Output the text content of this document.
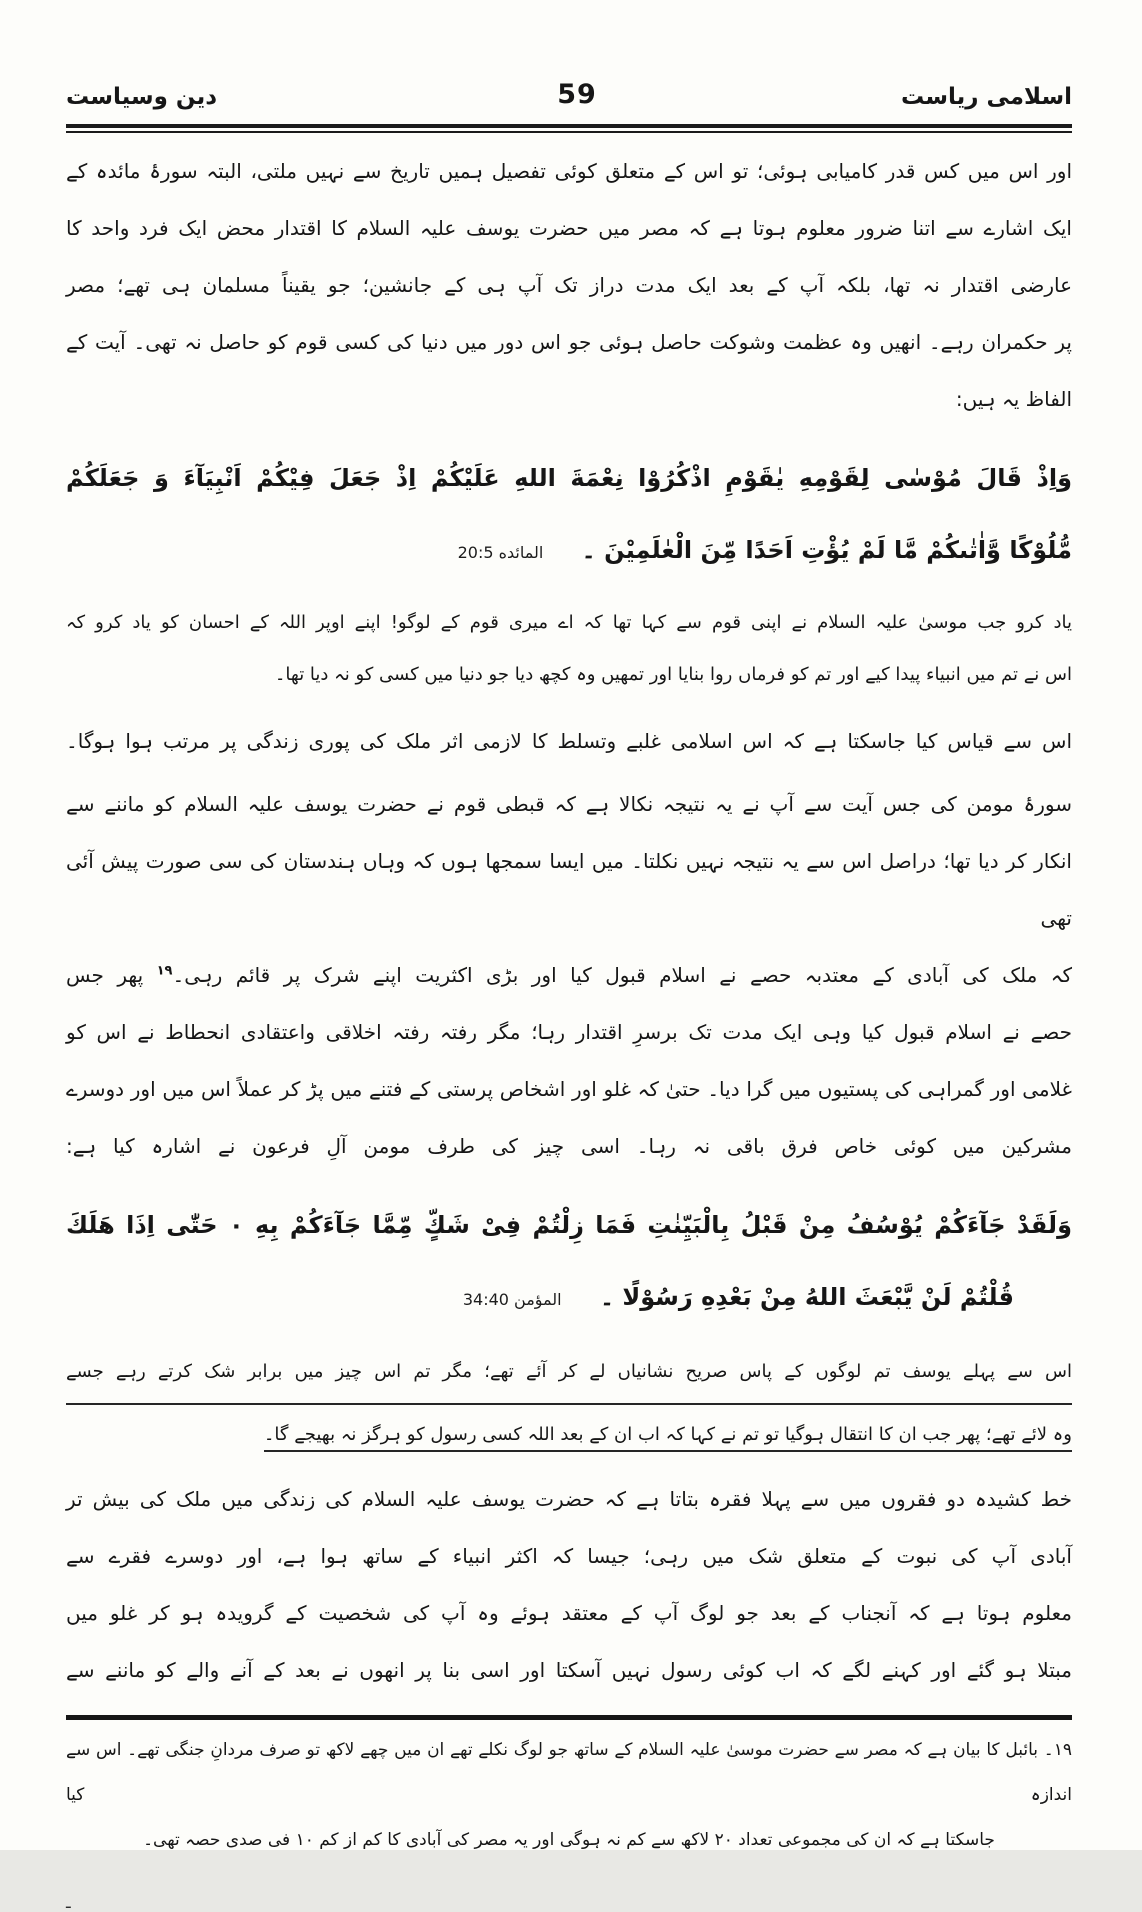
اسلامی ریاست
59
دین وسیاست
اور اس میں کس قدر کامیابی ہوئی؛ تو اس کے متعلق کوئی تفصیل ہمیں تاریخ سے نہیں ملتی، البتہ سورۂ مائدہ کے
ایک اشارے سے اتنا ضرور معلوم ہوتا ہے کہ مصر میں حضرت یوسف علیہ السلام کا اقتدار محض ایک فرد واحد کا
عارضی اقتدار نہ تھا، بلکہ آپ کے بعد ایک مدت دراز تک آپ ہی کے جانشین؛ جو یقیناً مسلمان ہی تھے؛ مصر
پر حکمران رہے۔ انھیں وہ عظمت وشوکت حاصل ہوئی جو اس دور میں دنیا کی کسی قوم کو حاصل نہ تھی۔ آیت کے
الفاظ یہ ہیں:
وَاِذْ قَالَ مُوْسٰی لِقَوْمِهِ یٰقَوْمِ اذْكُرُوْا نِعْمَةَ اللهِ عَلَیْكُمْ اِذْ جَعَلَ فِیْكُمْ اَنْبِیَآءَ وَ جَعَلَكُمْ
مُّلُوْكًا وَّاٰتٰىكُمْ مَّا لَمْ یُؤْتِ اَحَدًا مِّنَ الْعٰلَمِیْنَ ۔ المائده 20:5
یاد کرو جب موسیٰ علیہ السلام نے اپنی قوم سے کہا تھا کہ اے میری قوم کے لوگو! اپنے اوپر اللہ کے احسان کو یاد کرو کہ
اس نے تم میں انبیاء پیدا کیے اور تم کو فرماں روا بنایا اور تمھیں وہ کچھ دیا جو دنیا میں کسی کو نہ دیا تھا۔
اس سے قیاس کیا جاسکتا ہے کہ اس اسلامی غلبے وتسلط کا لازمی اثر ملک کی پوری زندگی پر مرتب ہوا ہوگا۔
سورۂ مومن کی جس آیت سے آپ نے یہ نتیجہ نکالا ہے کہ قبطی قوم نے حضرت یوسف علیہ السلام کو ماننے سے
انکار کر دیا تھا؛ دراصل اس سے یہ نتیجہ نہیں نکلتا۔ میں ایسا سمجھا ہوں کہ وہاں ہندستان کی سی صورت پیش آئی تھی
کہ ملک کی آبادی کے معتدبہ حصے نے اسلام قبول کیا اور بڑی اکثریت اپنے شرک پر قائم رہی۔$^{۱۹}$ پھر جس
حصے نے اسلام قبول کیا وہی ایک مدت تک برسرِ اقتدار رہا؛ مگر رفتہ رفتہ اخلاقی واعتقادی انحطاط نے اس کو
غلامی اور گمراہی کی پستیوں میں گرا دیا۔ حتیٰ کہ غلو اور اشخاص پرستی کے فتنے میں پڑ کر عملاً اس میں اور دوسرے
مشرکین میں کوئی خاص فرق باقی نہ رہا۔ اسی چیز کی طرف مومن آلِ فرعون نے اشارہ کیا ہے:
وَلَقَدْ جَآءَكُمْ یُوْسُفُ مِنْ قَبْلُ بِالْبَیِّنٰتِ فَمَا زِلْتُمْ فِیْ شَكٍّ مِّمَّا جَآءَكُمْ بِهِ ۰ حَتّٰی اِذَا هَلَكَ
قُلْتُمْ لَنْ یَّبْعَثَ اللهُ مِنْ بَعْدِهِ رَسُوْلًا ۔ المؤمن 34:40
اس سے پہلے یوسف تم لوگوں کے پاس صریح نشانیاں لے کر آئے تھے؛ مگر تم اس چیز میں برابر شک کرتے رہے جسے
وہ لائے تھے؛ پھر جب ان کا انتقال ہوگیا تو تم نے کہا کہ اب ان کے بعد اللہ کسی رسول کو ہرگز نہ بھیجے گا۔
خط کشیدہ دو فقروں میں سے پہلا فقرہ بتاتا ہے کہ حضرت یوسف علیہ السلام کی زندگی میں ملک کی بیش تر
آبادی آپ کی نبوت کے متعلق شک میں رہی؛ جیسا کہ اکثر انبیاء کے ساتھ ہوا ہے، اور دوسرے فقرے سے
معلوم ہوتا ہے کہ آنجناب کے بعد جو لوگ آپ کے معتقد ہوئے وہ آپ کی شخصیت کے گرویدہ ہو کر غلو میں
مبتلا ہو گئے اور کہنے لگے کہ اب کوئی رسول نہیں آسکتا اور اسی بنا پر انھوں نے بعد کے آنے والے کو ماننے سے
۱۹۔ بائبل کا بیان ہے کہ مصر سے حضرت موسیٰ علیہ السلام کے ساتھ جو لوگ نکلے تھے ان میں چھے لاکھ تو صرف مردانِ جنگی تھے۔ اس سے اندازہ کیا
جاسکتا ہے کہ ان کی مجموعی تعداد ۲۰ لاکھ سے کم نہ ہوگی اور یہ مصر کی آبادی کا کم از کم ۱۰ فی صدی حصہ تھی۔
ـ
